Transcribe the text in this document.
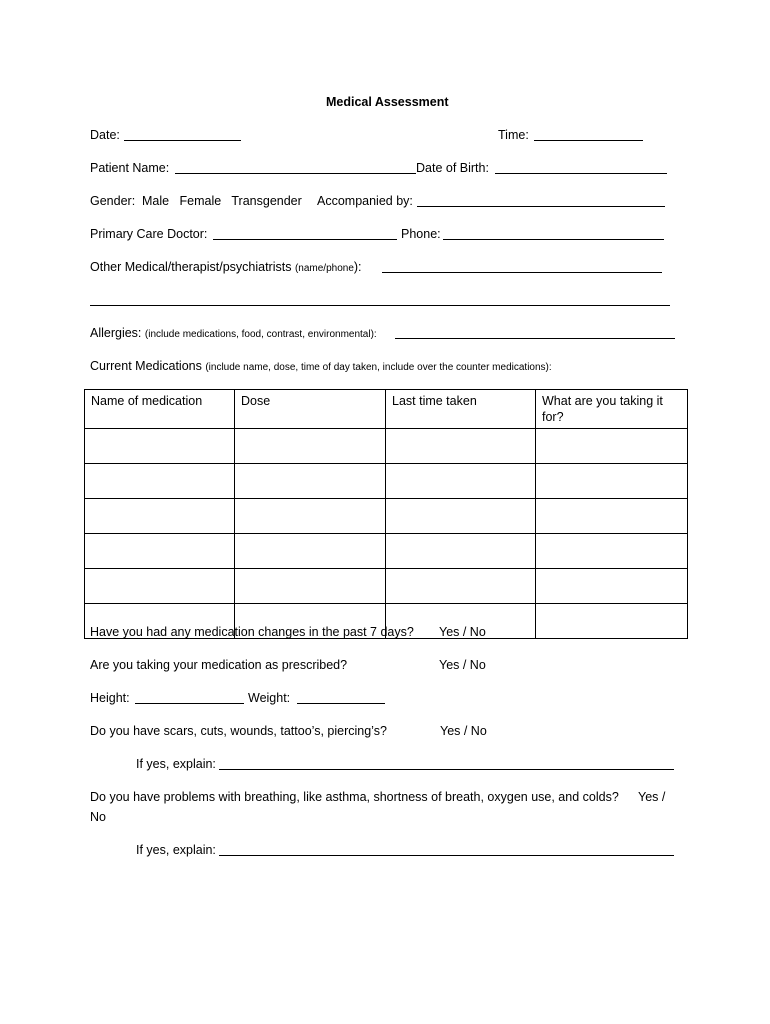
Medical Assessment
Date:	Time:
Patient Name:	Date of Birth:
Gender: Male   Female   Transgender Accompanied by:
Primary Care Doctor:	Phone:
Other Medical/therapist/psychiatrists (name/phone):
Allergies: (include medications, food, contrast, environmental):
Current Medications (include name, dose, time of day taken, include over the counter medications):
Name of medication	Dose	Last time taken	What are you taking it for?

Have you had any medication changes in the past 7 days? Yes / No
Are you taking your medication as prescribed?	Yes / No
Height:	Weight:
Do you have scars, cuts, wounds, tattoo’s, piercing’s?	Yes / No
If yes, explain:
Do you have problems with breathing, like asthma, shortness of breath, oxygen use, and colds? Yes /
No
If yes, explain:
